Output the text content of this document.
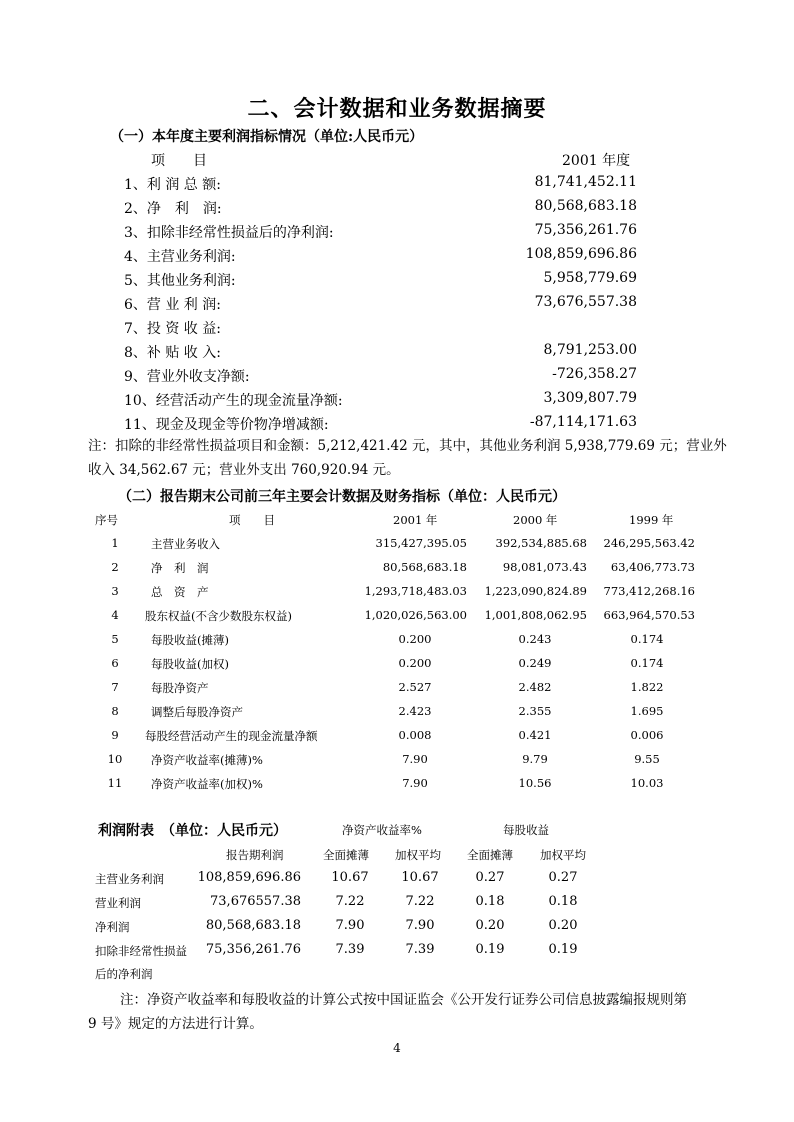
二、会计数据和业务数据摘要
（一）本年度主要利润指标情况（单位:人民币元）
项　　目	2001 年度
1、利 润 总 额:	81,741,452.11
2、净　利　润:	80,568,683.18
3、扣除非经常性损益后的净利润:	75,356,261.76
4、主营业务利润:	108,859,696.86
5、其他业务利润:	5,958,779.69
6、营 业 利 润:	73,676,557.38
7、投 资 收 益:
8、补 贴 收 入:	8,791,253.00
9、营业外收支净额:	-726,358.27
10、经营活动产生的现金流量净额:	3,309,807.79
11、现金及现金等价物净增减额:	-87,114,171.63
注：扣除的非经常性损益项目和金额：5,212,421.42 元，其中，其他业务利润 5,938,779.69 元；营业外
收入 34,562.67 元；营业外支出 760,920.94 元。
（二）报告期末公司前三年主要会计数据及财务指标（单位：人民币元）
序号	项　　目	2001 年	2000 年	1999 年
1	主营业务收入	315,427,395.05	392,534,885.68	246,295,563.42
2	净　利　润	80,568,683.18	98,081,073.43	63,406,773.73
3	总　资　产	1,293,718,483.03	1,223,090,824.89	773,412,268.16
4	股东权益(不含少数股东权益)	1,020,026,563.00	1,001,808,062.95	663,964,570.53
5	每股收益(摊薄)	0.200	0.243	0.174
6	每股收益(加权)	0.200	0.249	0.174
7	每股净资产	2.527	2.482	1.822
8	调整后每股净资产	2.423	2.355	1.695
9	每股经营活动产生的现金流量净额	0.008	0.421	0.006
10	净资产收益率(摊薄)%	7.90	9.79	9.55
11	净资产收益率(加权)%	7.90	10.56	10.03
利润附表　（单位：人民币元）	净资产收益率%	每股收益
报告期利润	全面摊薄 加权平均 全面摊薄 加权平均
主营业务利润	108,859,696.86	10.67	10.67	0.27	0.27
营业利润	73,676557.38	7.22	7.22	0.18	0.18
净利润	80,568,683.18	7.90	7.90	0.20	0.20
扣除非经常性损益	75,356,261.76	7.39	7.39	0.19	0.19
后的净利润
注：净资产收益率和每股收益的计算公式按中国证监会《公开发行证券公司信息披露编报规则第
9 号》规定的方法进行计算。
4
